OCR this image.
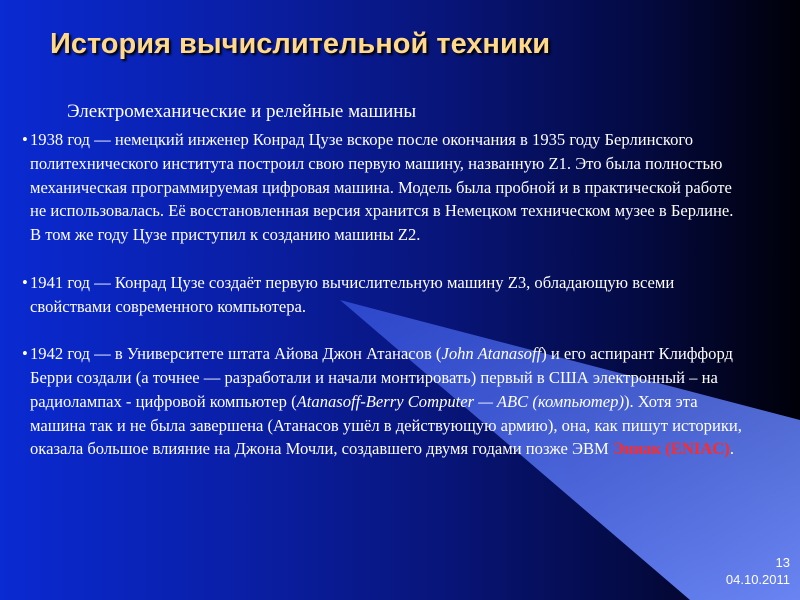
История вычислительной техники
Электромеханические и релейные машины
• 1938 год — немецкий инженер Конрад Цузе вскоре после окончания в 1935 году Берлинского политехнического института построил свою первую машину, названную Z1. Это была полностью механическая программируемая цифровая машина. Модель была пробной и в практической работе не использовалась. Её восстановленная версия хранится в Немецком техническом музее в Берлине. В том же году Цузе приступил к созданию машины Z2.
• 1941 год — Конрад Цузе создаёт первую вычислительную машину Z3, обладающую всеми свойствами современного компьютера.
• 1942 год — в Университете штата Айова Джон Атанасов (John Atanasoff) и его аспирант Клиффорд Берри создали (а точнее — разработали и начали монтировать) первый в США электронный – на радиолампах - цифровой компьютер (Atanasoff-Berry Computer — ABC (компьютер)). Хотя эта машина так и не была завершена (Атанасов ушёл в действующую армию), она, как пишут историки, оказала большое влияние на Джона Мочли, создавшего двумя годами позже ЭВМ Эниак (ENIAC).
13
04.10.2011
